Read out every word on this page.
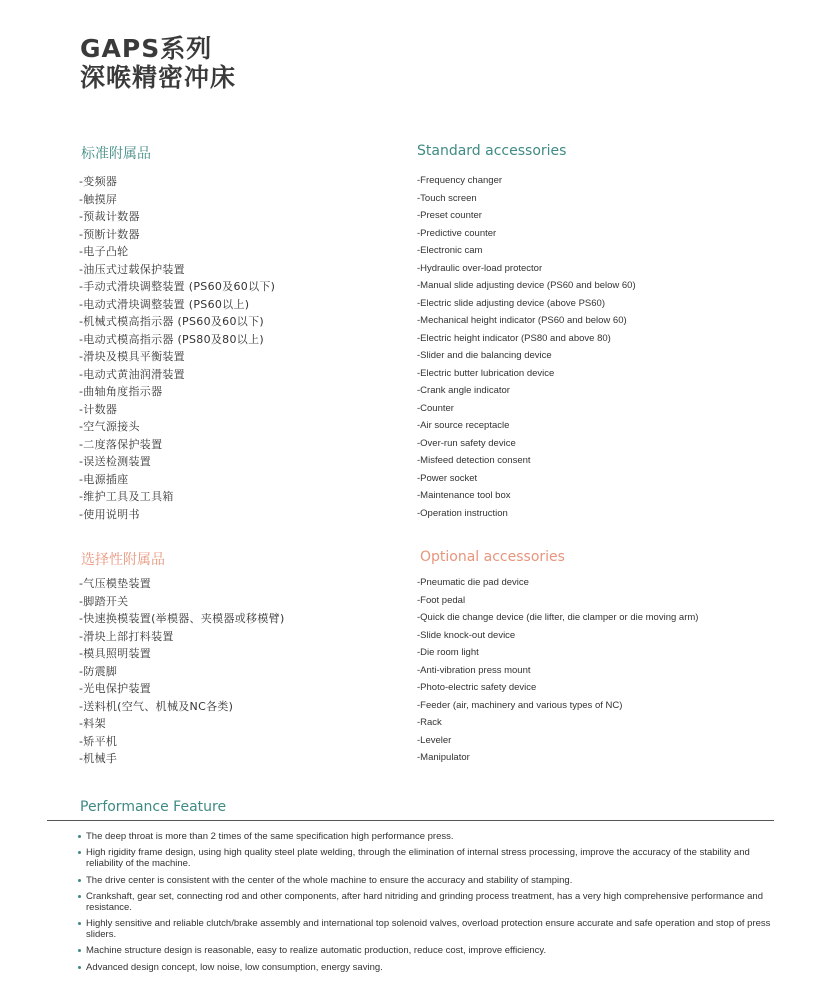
GAPS系列
深喉精密冲床
标准附属品	Standard accessories
-变频器
-触摸屏
-预裁计数器
-预断计数器
-电子凸轮
-油压式过载保护装置
-手动式滑块调整装置 (PS60及60以下)
-电动式滑块调整装置 (PS60以上)
-机械式模高指示器 (PS60及60以下)
-电动式模高指示器 (PS80及80以上)
-滑块及模具平衡装置
-电动式黄油润滑装置
-曲轴角度指示器
-计数器
-空气源接头
-二度落保护装置
-误送检测装置
-电源插座
-维护工具及工具箱
-使用说明书
-Frequency changer
-Touch screen
-Preset counter
-Predictive counter
-Electronic cam
-Hydraulic over-load protector
-Manual slide adjusting device (PS60 and below 60)
-Electric slide adjusting device (above PS60)
-Mechanical height indicator (PS60 and below 60)
-Electric height indicator (PS80 and above 80)
-Slider and die balancing device
-Electric butter lubrication device
-Crank angle indicator
-Counter
-Air source receptacle
-Over-run safety device
-Misfeed detection consent
-Power socket
-Maintenance tool box
-Operation instruction
选择性附属品	Optional accessories
-气压模垫装置
-脚踏开关
-快速换模装置(举模器、夹模器或移模臂)
-滑块上部打料装置
-模具照明装置
-防震脚
-光电保护装置
-送料机(空气、机械及NC各类)
-料架
-矫平机
-机械手
-Pneumatic die pad device
-Foot pedal
-Quick die change device (die lifter, die clamper or die moving arm)
-Slide knock-out device
-Die room light
-Anti-vibration press mount
-Photo-electric safety device
-Feeder (air, machinery and various types of NC)
-Rack
-Leveler
-Manipulator
Performance Feature
The deep throat is more than 2 times of the same specification high performance press.
High rigidity frame design, using high quality steel plate welding, through the elimination of internal stress processing, improve the accuracy of the stability and reliability of the machine.
The drive center is consistent with the center of the whole machine to ensure the accuracy and stability of stamping.
Crankshaft, gear set, connecting rod and other components, after hard nitriding and grinding process treatment, has a very high comprehensive performance and resistance.
Highly sensitive and reliable clutch/brake assembly and international top solenoid valves, overload protection ensure accurate and safe operation and stop of press sliders.
Machine structure design is reasonable, easy to realize automatic production, reduce cost, improve efficiency.
Advanced design concept, low noise, low consumption, energy saving.
